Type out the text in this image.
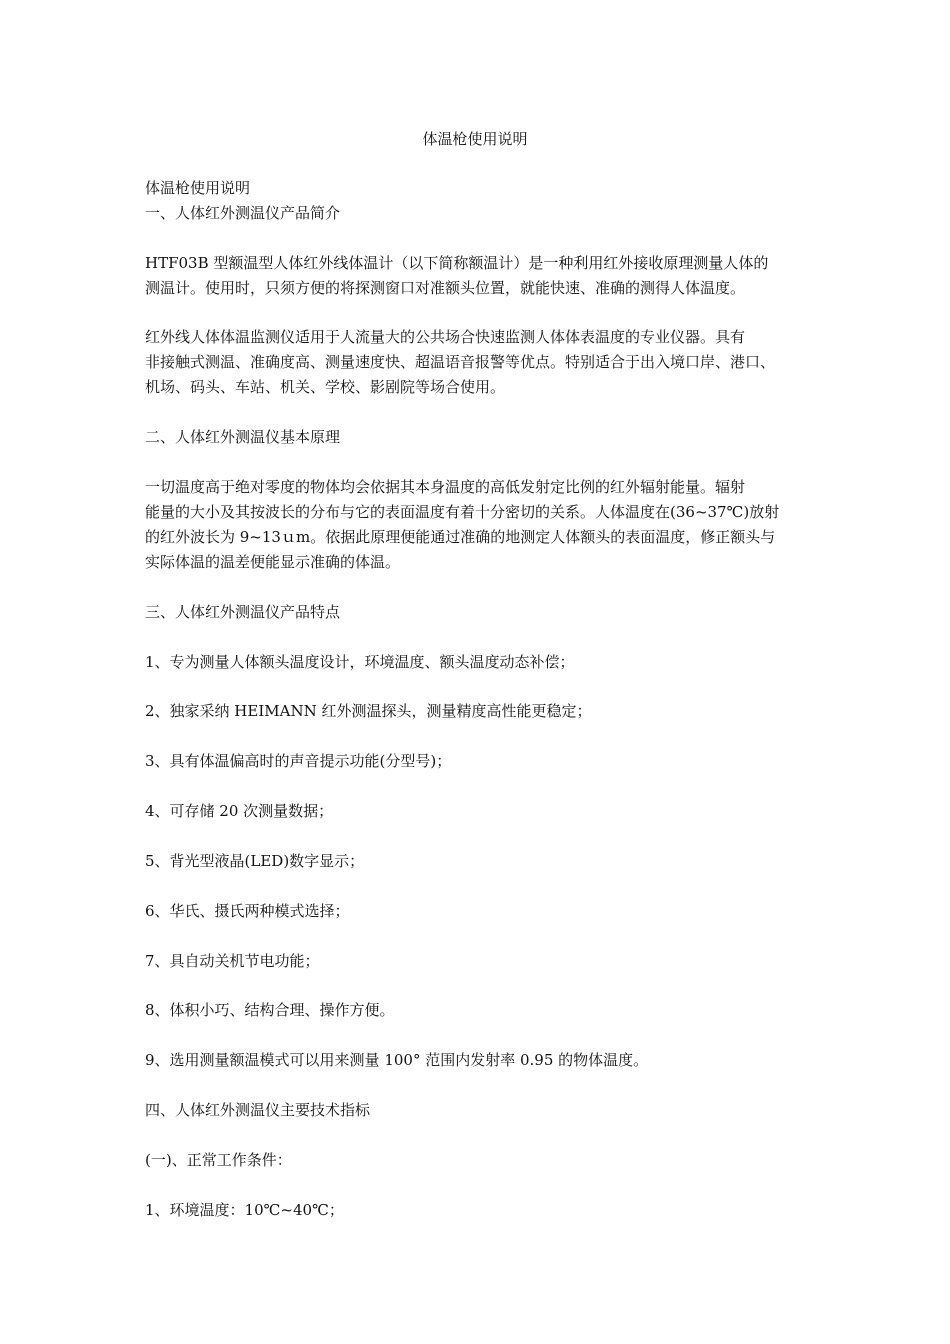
体温枪使用说明

体温枪使用说明

一、人体红外测温仪产品简介

HTF03B 型额温型人体红外线体温计（以下简称额温计）是一种利用红外接收原理测量人体的

测温计。使用时，只须方便的将探测窗口对准额头位置，就能快速、准确的测得人体温度。

红外线人体体温监测仪适用于人流量大的公共场合快速监测人体体表温度的专业仪器。具有

非接触式测温、准确度高、测量速度快、超温语音报警等优点。特别适合于出入境口岸、港口、

机场、码头、车站、机关、学校、影剧院等场合使用。

二、人体红外测温仪基本原理

一切温度高于绝对零度的物体均会依据其本身温度的高低发射定比例的红外辐射能量。辐射

能量的大小及其按波长的分布与它的表面温度有着十分密切的关系。人体温度在(36~37℃)放射

的红外波长为 9~13ｕm。依据此原理便能通过准确的地测定人体额头的表面温度，修正额头与

实际体温的温差便能显示准确的体温。

三、人体红外测温仪产品特点

1、专为测量人体额头温度设计，环境温度、额头温度动态补偿；

2、独家采纳 HEIMANN 红外测温探头，测量精度高性能更稳定；

3、具有体温偏高时的声音提示功能(分型号)；

4、可存储 20 次测量数据；

5、背光型液晶(LED)数字显示；

6、华氏、摄氏两种模式选择；

7、具自动关机节电功能；

8、体积小巧、结构合理、操作方便。

9、选用测量额温模式可以用来测量 100° 范围内发射率 0.95 的物体温度。

四、人体红外测温仪主要技术指标

(一)、正常工作条件：

1、环境温度：10℃~40℃；
